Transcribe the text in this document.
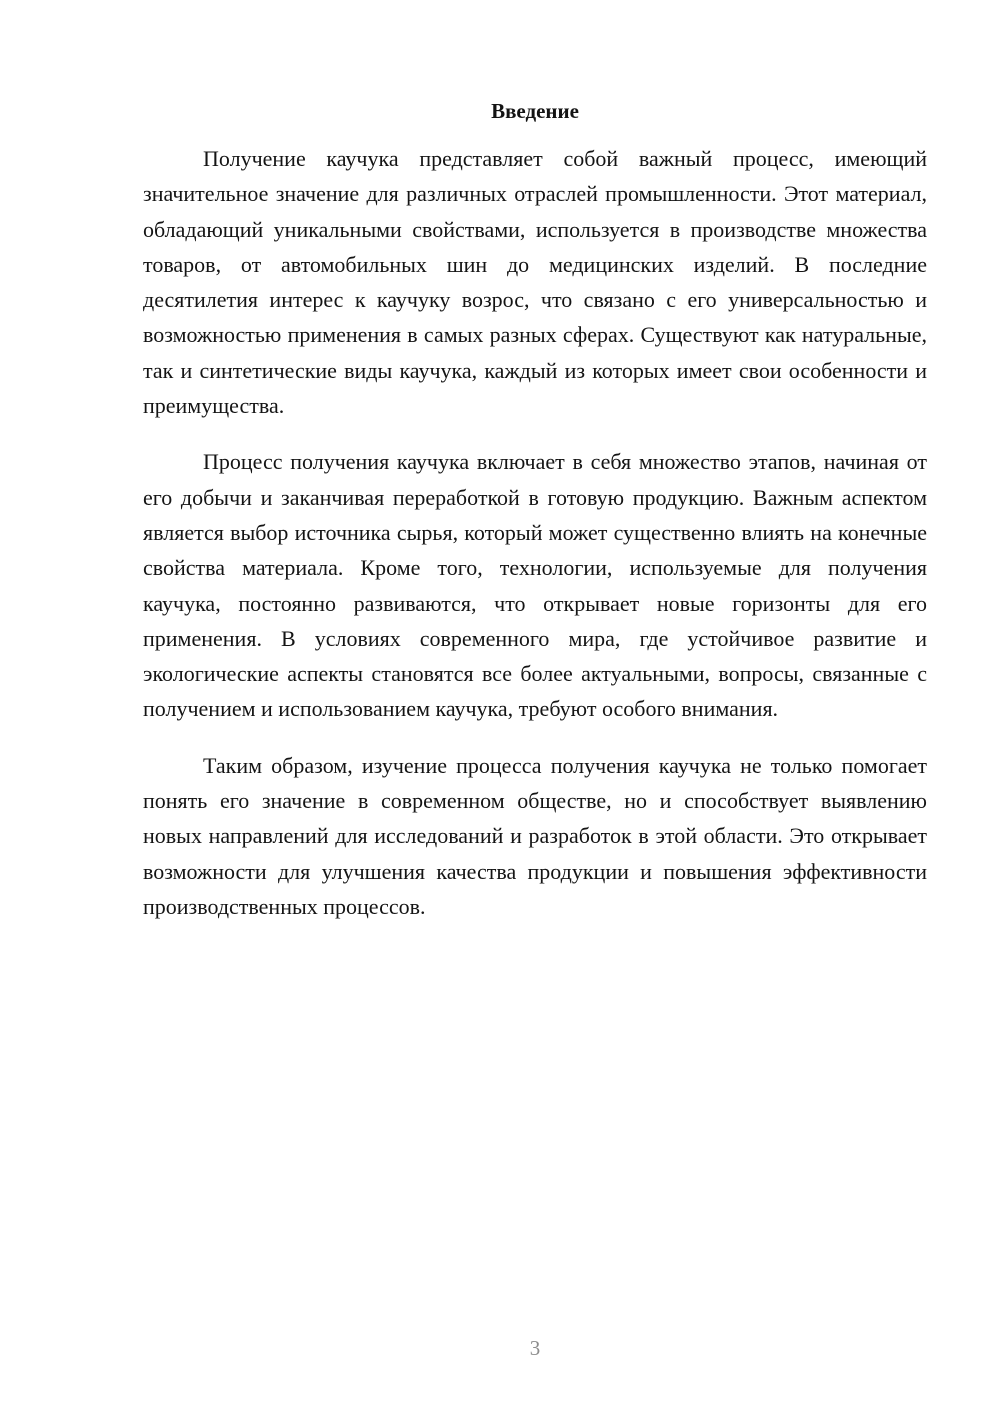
Введение

Получение каучука представляет собой важный процесс, имеющий значительное значение для различных отраслей промышленности. Этот материал, обладающий уникальными свойствами, используется в производстве множества товаров, от автомобильных шин до медицинских изделий. В последние десятилетия интерес к каучуку возрос, что связано с его универсальностью и возможностью применения в самых разных сферах. Существуют как натуральные, так и синтетические виды каучука, каждый из которых имеет свои особенности и преимущества.

Процесс получения каучука включает в себя множество этапов, начиная от его добычи и заканчивая переработкой в готовую продукцию. Важным аспектом является выбор источника сырья, который может существенно влиять на конечные свойства материала. Кроме того, технологии, используемые для получения каучука, постоянно развиваются, что открывает новые горизонты для его применения. В условиях современного мира, где устойчивое развитие и экологические аспекты становятся все более актуальными, вопросы, связанные с получением и использованием каучука, требуют особого внимания.

Таким образом, изучение процесса получения каучука не только помогает понять его значение в современном обществе, но и способствует выявлению новых направлений для исследований и разработок в этой области. Это открывает возможности для улучшения качества продукции и повышения эффективности производственных процессов.

3
